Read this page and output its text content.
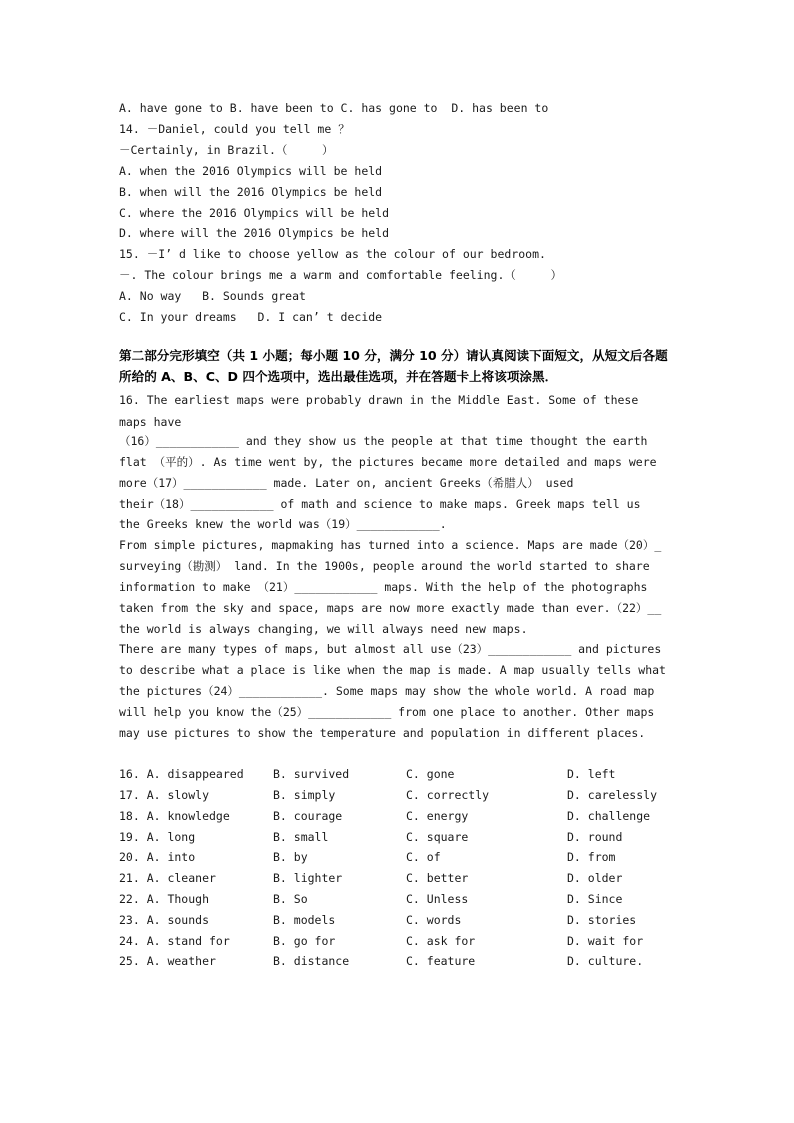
A. have gone to B. have been to C. has gone to  D. has been to
14. －Daniel, could you tell me ？
－Certainly, in Brazil.（     ）
A. when the 2016 Olympics will be held
B. when will the 2016 Olympics be held
C. where the 2016 Olympics will be held
D. where will the 2016 Olympics be held
15. －I’ d like to choose yellow as the colour of our bedroom.
－. The colour brings me a warm and comfortable feeling.（     ）
A. No way   B. Sounds great
C. In your dreams   D. I can’ t decide
第二部分完形填空（共 1 小题；每小题 10 分，满分 10 分）请认真阅读下面短文，从短文后各题所给的 A、B、C、D 四个选项中，选出最佳选项，并在答题卡上将该项涂黑．
16. The earliest maps were probably drawn in the Middle East. Some of these
maps have
（16）____________ and they show us the people at that time thought the earth
flat （平的）. As time went by, the pictures became more detailed and maps were
more（17）____________ made. Later on, ancient Greeks（希腊人） used
their（18）____________ of math and science to make maps. Greek maps tell us
the Greeks knew the world was（19）____________.
From simple pictures, mapmaking has turned into a science. Maps are made（20）_
surveying（勘测） land. In the 1900s, people around the world started to share
information to make （21）____________ maps. With the help of the photographs
taken from the sky and space, maps are now more exactly made than ever.（22）__
the world is always changing, we will always need new maps.
There are many types of maps, but almost all use（23）____________ and pictures
to describe what a place is like when the map is made. A map usually tells what
the pictures（24）____________. Some maps may show the whole world. A road map
will help you know the（25）____________ from one place to another. Other maps
may use pictures to show the temperature and population in different places.
16. A. disappeared	B. survived	C. gone	D. left
17. A. slowly	B. simply	C. correctly	D. carelessly
18. A. knowledge	B. courage	C. energy	D. challenge
19. A. long	B. small	C. square	D. round
20. A. into	B. by	C. of	D. from
21. A. cleaner	B. lighter	C. better	D. older
22. A. Though	B. So	C. Unless	D. Since
23. A. sounds	B. models	C. words	D. stories
24. A. stand for	B. go for	C. ask for	D. wait for
25. A. weather	B. distance	C. feature	D. culture.
